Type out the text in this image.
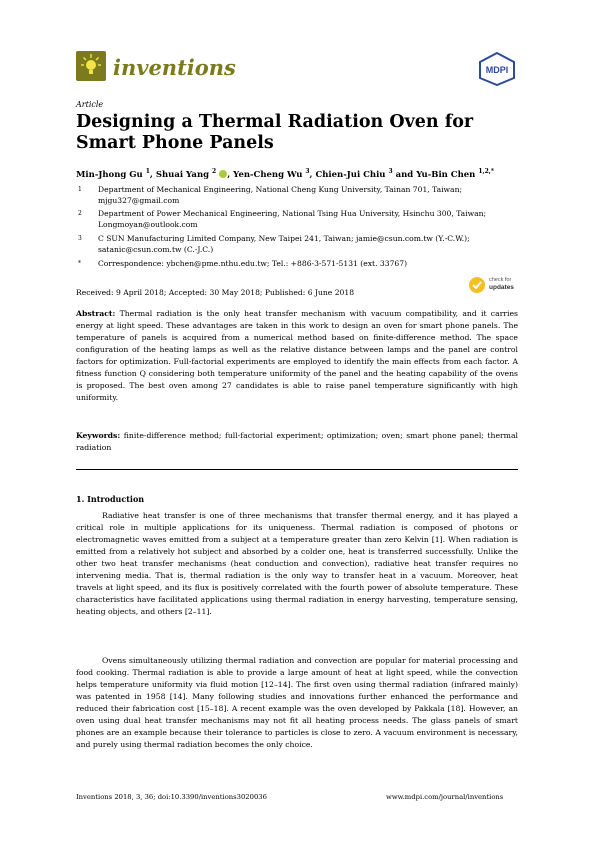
inventions	MDPI
Article
Designing a Thermal Radiation Oven for Smart Phone Panels
Min-Jhong Gu $^1$, Shuai Yang $^2$ , Yen-Cheng Wu $^3$, Chien-Jui Chiu $^3$ and Yu-Bin Chen $^{1,2,*}$
1 Department of Mechanical Engineering, National Cheng Kung University, Tainan 701, Taiwan; mjgu327@gmail.com
2 Department of Power Mechanical Engineering, National Tsing Hua University, Hsinchu 300, Taiwan; Longmoyan@outlook.com
3 C SUN Manufacturing Limited Company, New Taipei 241, Taiwan; jamie@csun.com.tw (Y.-C.W.); satanic@csun.com.tw (C.-J.C.)
* Correspondence: ybchen@pme.nthu.edu.tw; Tel.: +886-3-571-5131 (ext. 33767)
check for
updates
Received: 9 April 2018; Accepted: 30 May 2018; Published: 6 June 2018
Abstract: Thermal radiation is the only heat transfer mechanism with vacuum compatibility, and it carries energy at light speed. These advantages are taken in this work to design an oven for smart phone panels. The temperature of panels is acquired from a numerical method based on finite-difference method. The space configuration of the heating lamps as well as the relative distance between lamps and the panel are control factors for optimization. Full-factorial experiments are employed to identify the main effects from each factor. A fitness function Q considering both temperature uniformity of the panel and the heating capability of the ovens is proposed. The best oven among 27 candidates is able to raise panel temperature significantly with high uniformity.
Keywords: finite-difference method; full-factorial experiment; optimization; oven; smart phone panel; thermal radiation
1. Introduction
Radiative heat transfer is one of three mechanisms that transfer thermal energy, and it has played a critical role in multiple applications for its uniqueness. Thermal radiation is composed of photons or electromagnetic waves emitted from a subject at a temperature greater than zero Kelvin [1]. When radiation is emitted from a relatively hot subject and absorbed by a colder one, heat is transferred successfully. Unlike the other two heat transfer mechanisms (heat conduction and convection), radiative heat transfer requires no intervening media. That is, thermal radiation is the only way to transfer heat in a vacuum. Moreover, heat travels at light speed, and its flux is positively correlated with the fourth power of absolute temperature. These characteristics have facilitated applications using thermal radiation in energy harvesting, temperature sensing, heating objects, and others [2–11].
Ovens simultaneously utilizing thermal radiation and convection are popular for material processing and food cooking. Thermal radiation is able to provide a large amount of heat at light speed, while the convection helps temperature uniformity via fluid motion [12–14]. The first oven using thermal radiation (infrared mainly) was patented in 1958 [14]. Many following studies and innovations further enhanced the performance and reduced their fabrication cost [15–18]. A recent example was the oven developed by Pakkala [18]. However, an oven using dual heat transfer mechanisms may not fit all heating process needs. The glass panels of smart phones are an example because their tolerance to particles is close to zero. A vacuum environment is necessary, and purely using thermal radiation becomes the only choice.
Inventions 2018, 3, 36; doi:10.3390/inventions3020036	www.mdpi.com/journal/inventions
